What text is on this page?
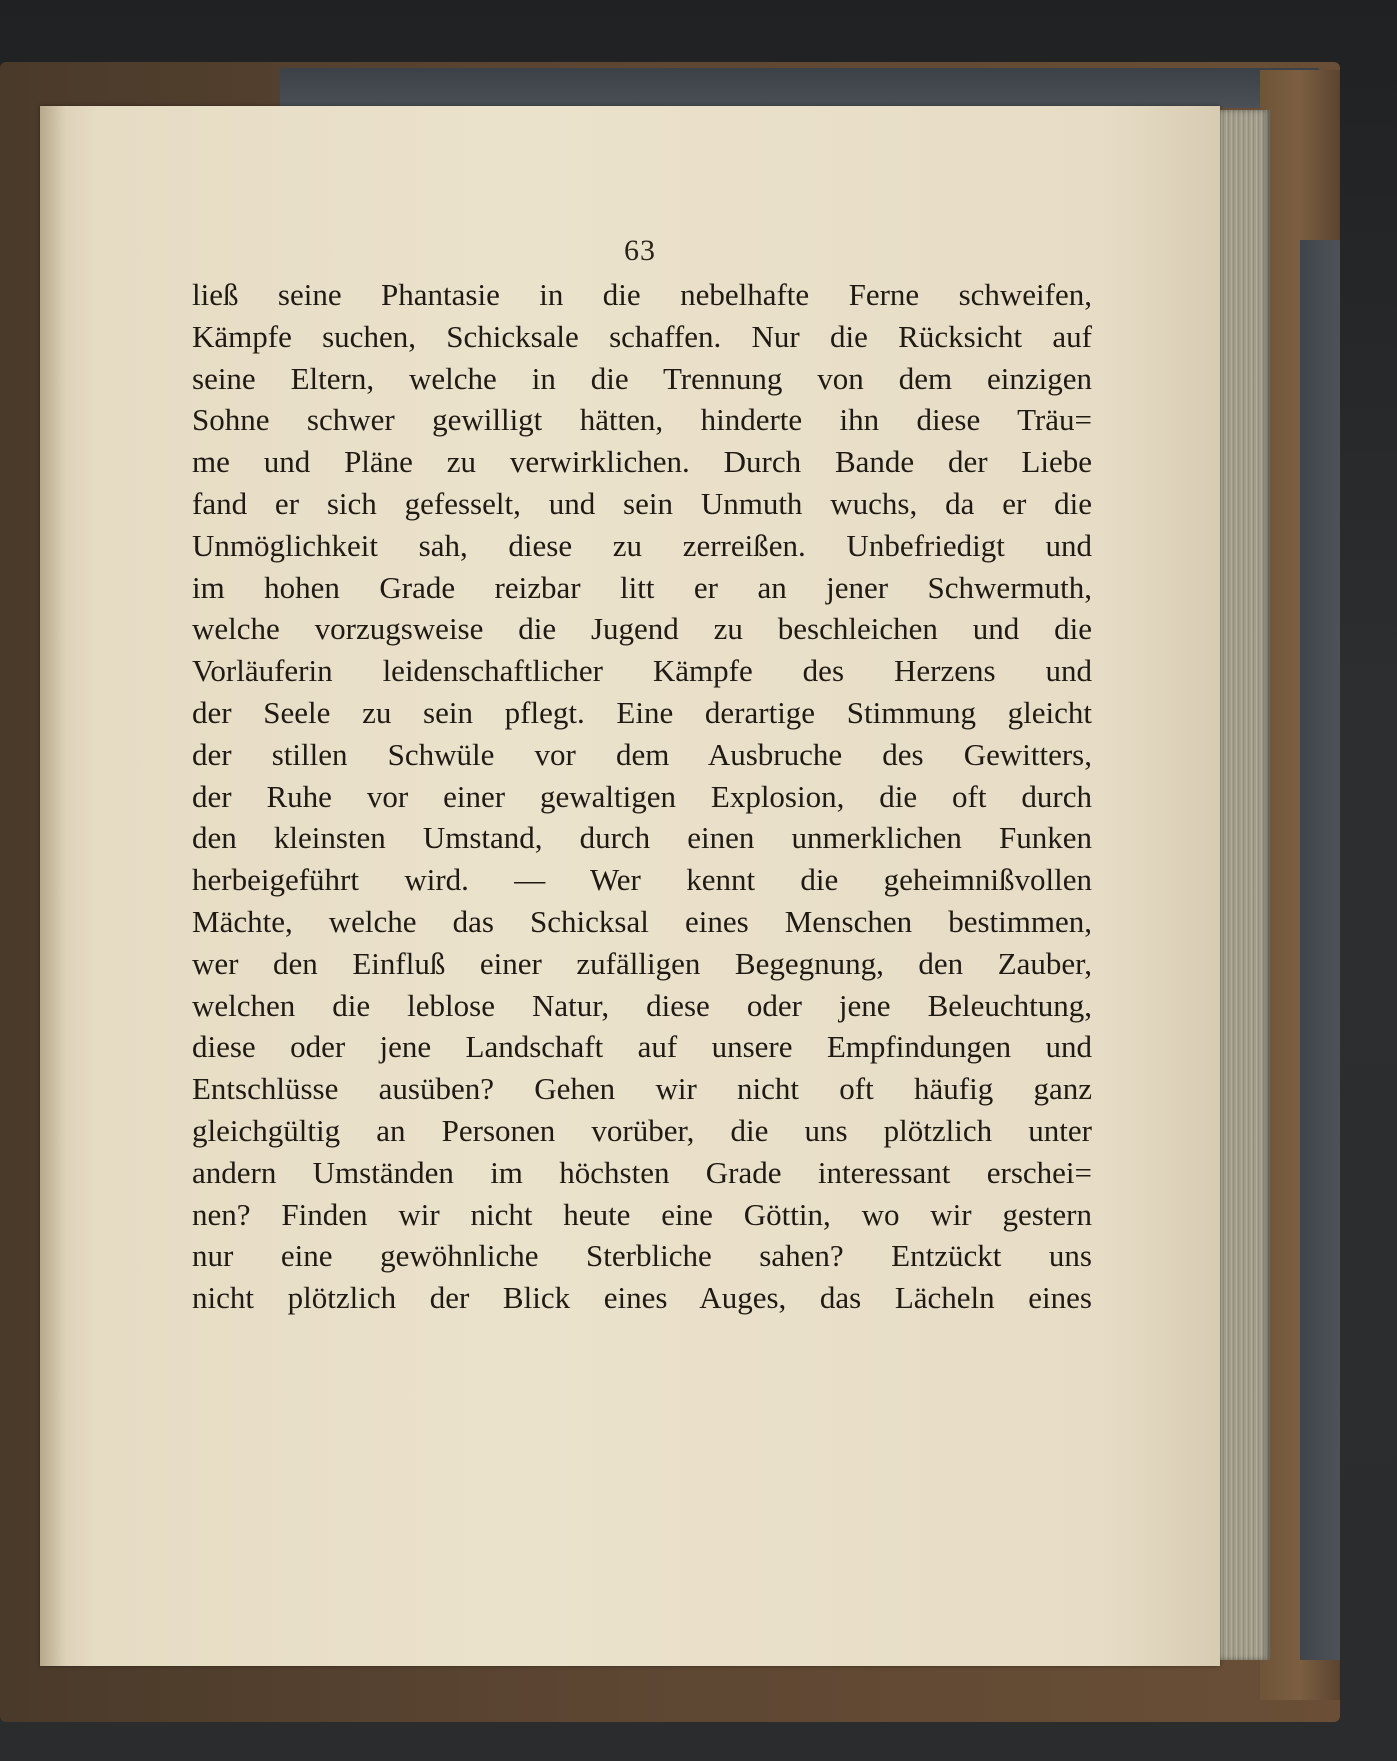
63
ließ seine Phantasie in die nebelhafte Ferne schweifen,
Kämpfe suchen, Schicksale schaffen. Nur die Rücksicht auf
seine Eltern, welche in die Trennung von dem einzigen
Sohne schwer gewilligt hätten, hinderte ihn diese Träu=
me und Pläne zu verwirklichen. Durch Bande der Liebe
fand er sich gefesselt, und sein Unmuth wuchs, da er die
Unmöglichkeit sah, diese zu zerreißen. Unbefriedigt und
im hohen Grade reizbar litt er an jener Schwermuth,
welche vorzugsweise die Jugend zu beschleichen und die
Vorläuferin leidenschaftlicher Kämpfe des Herzens und
der Seele zu sein pflegt. Eine derartige Stimmung gleicht
der stillen Schwüle vor dem Ausbruche des Gewitters,
der Ruhe vor einer gewaltigen Explosion, die oft durch
den kleinsten Umstand, durch einen unmerklichen Funken
herbeigeführt wird. — Wer kennt die geheimnißvollen
Mächte, welche das Schicksal eines Menschen bestimmen,
wer den Einfluß einer zufälligen Begegnung, den Zauber,
welchen die leblose Natur, diese oder jene Beleuchtung,
diese oder jene Landschaft auf unsere Empfindungen und
Entschlüsse ausüben? Gehen wir nicht oft häufig ganz
gleichgültig an Personen vorüber, die uns plötzlich unter
andern Umständen im höchsten Grade interessant erschei=
nen? Finden wir nicht heute eine Göttin, wo wir gestern
nur eine gewöhnliche Sterbliche sahen? Entzückt uns
nicht plötzlich der Blick eines Auges, das Lächeln eines
